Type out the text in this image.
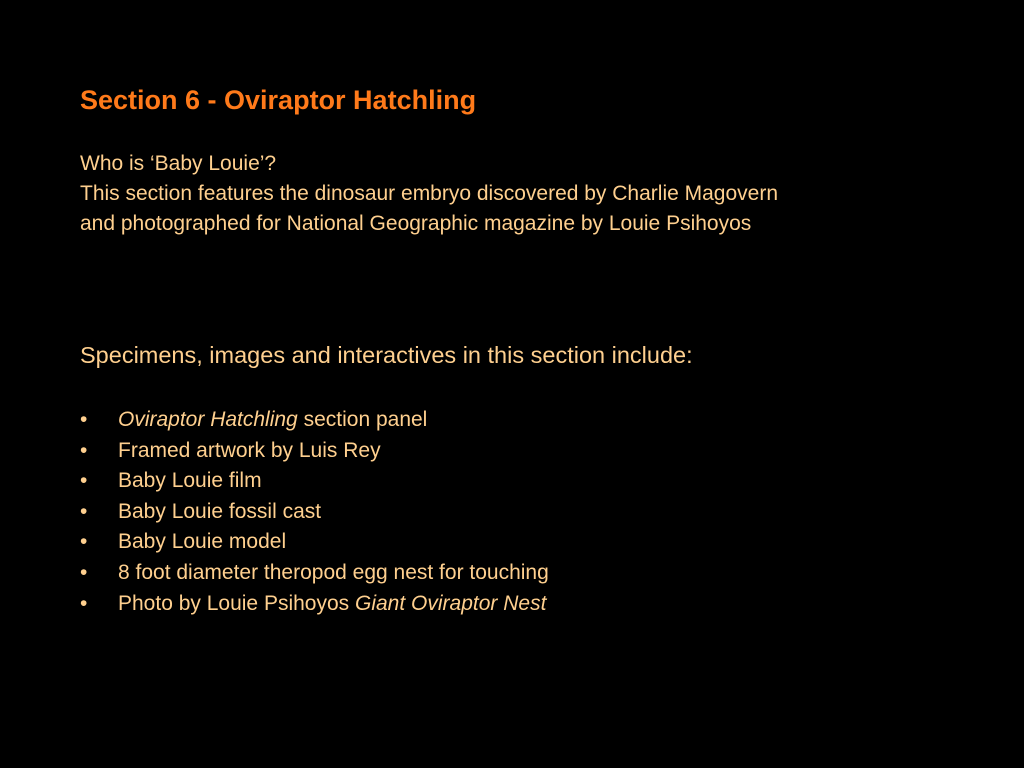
Section 6 - Oviraptor Hatchling

Who is ‘Baby Louie’?

This section features the dinosaur embryo discovered by Charlie Magovern

and photographed for National Geographic magazine by Louie Psihoyos

Specimens, images and interactives in this section include:
• Oviraptor Hatchling section panel
• Framed artwork by Luis Rey
• Baby Louie film
• Baby Louie fossil cast
• Baby Louie model
• 8 foot diameter theropod egg nest for touching
• Photo by Louie Psihoyos Giant Oviraptor Nest
